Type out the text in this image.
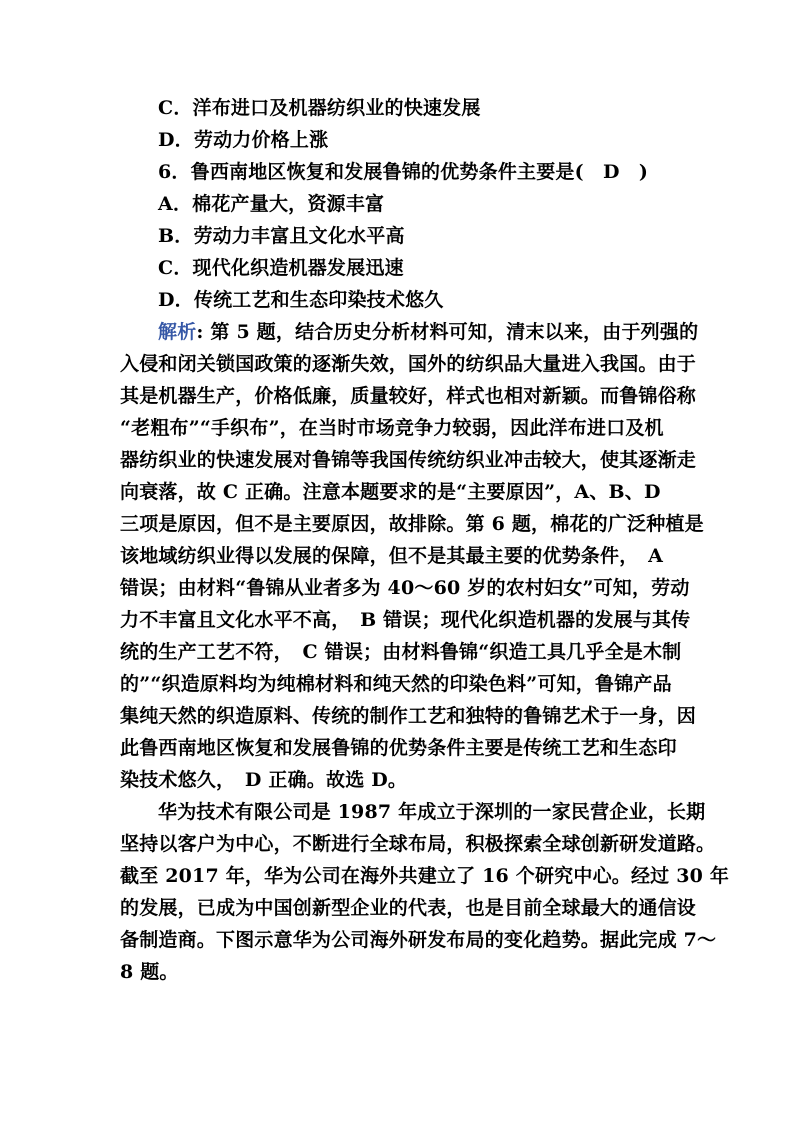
C．洋布进口及机器纺织业的快速发展
D．劳动力价格上涨
6．鲁西南地区恢复和发展鲁锦的优势条件主要是(　D　)
A．棉花产量大，资源丰富
B．劳动力丰富且文化水平高
C．现代化织造机器发展迅速
D．传统工艺和生态印染技术悠久
解析: 第 5 题，结合历史分析材料可知，清末以来，由于列强的
入侵和闭关锁国政策的逐渐失效，国外的纺织品大量进入我国。由于
其是机器生产，价格低廉，质量较好，样式也相对新颖。而鲁锦俗称
“老粗布”“手织布”，在当时市场竞争力较弱，因此洋布进口及机
器纺织业的快速发展对鲁锦等我国传统纺织业冲击较大，使其逐渐走
向衰落，故 C 正确。注意本题要求的是“主要原因”，A、B、D
三项是原因，但不是主要原因，故排除。第 6 题，棉花的广泛种植是
该地域纺织业得以发展的保障，但不是其最主要的优势条件，　A
错误；由材料“鲁锦从业者多为 40～60 岁的农村妇女”可知，劳动
力不丰富且文化水平不高，　B 错误；现代化织造机器的发展与其传
统的生产工艺不符，　C 错误；由材料鲁锦“织造工具几乎全是木制
的”“织造原料均为纯棉材料和纯天然的印染色料”可知，鲁锦产品
集纯天然的织造原料、传统的制作工艺和独特的鲁锦艺术于一身，因
此鲁西南地区恢复和发展鲁锦的优势条件主要是传统工艺和生态印
染技术悠久，　D 正确。故选 D。
华为技术有限公司是 1987 年成立于深圳的一家民营企业，长期
坚持以客户为中心，不断进行全球布局，积极探索全球创新研发道路。
截至 2017 年，华为公司在海外共建立了 16 个研究中心。经过 30 年
的发展，已成为中国创新型企业的代表，也是目前全球最大的通信设
备制造商。下图示意华为公司海外研发布局的变化趋势。据此完成 7～
8 题。
